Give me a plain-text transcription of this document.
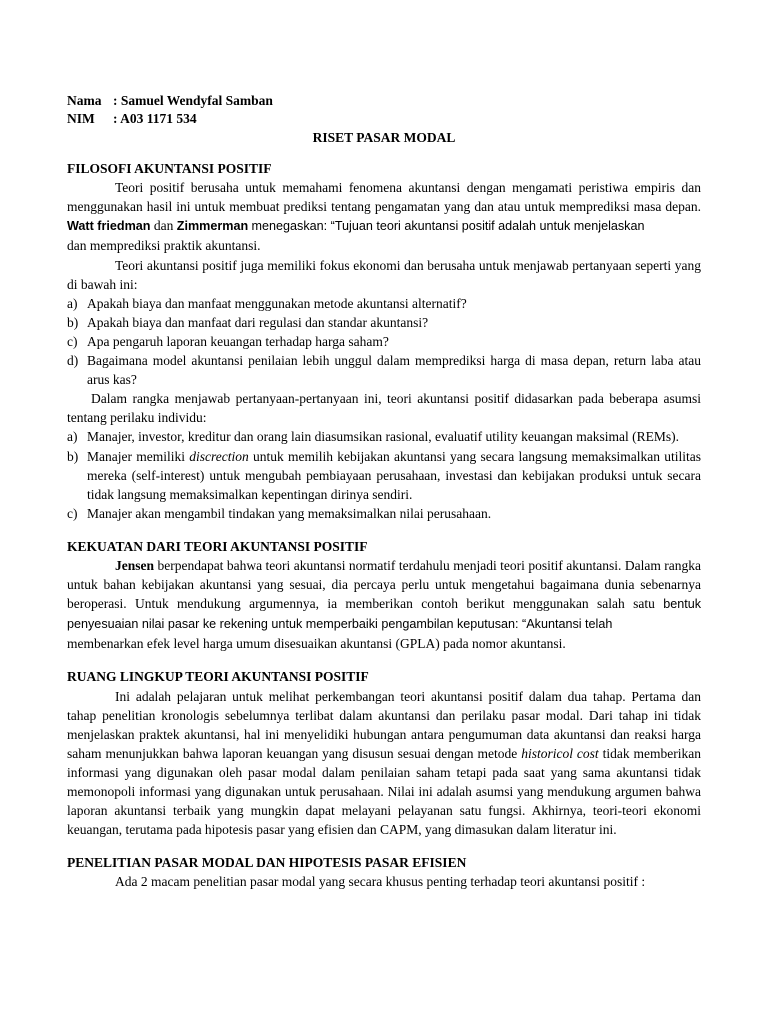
Nama : Samuel Wendyfal Samban
NIM : A03 1171 534

RISET PASAR MODAL

FILOSOFI AKUNTANSI POSITIF

Teori positif berusaha untuk memahami fenomena akuntansi dengan mengamati peristiwa empiris dan menggunakan hasil ini untuk membuat prediksi tentang pengamatan yang dan atau untuk memprediksi masa depan. Watt friedman dan Zimmerman menegaskan: “Tujuan teori akuntansi positif adalah untuk menjelaskan

dan memprediksi praktik akuntansi.

Teori akuntansi positif juga memiliki fokus ekonomi dan berusaha untuk menjawab pertanyaan seperti yang di bawah ini:

a) Apakah biaya dan manfaat menggunakan metode akuntansi alternatif?
b) Apakah biaya dan manfaat dari regulasi dan standar akuntansi?
c) Apa pengaruh laporan keuangan terhadap harga saham?
d) Bagaimana model akuntansi penilaian lebih unggul dalam memprediksi harga di masa depan, return laba atau arus kas?

Dalam rangka menjawab pertanyaan-pertanyaan ini, teori akuntansi positif didasarkan pada beberapa asumsi tentang perilaku individu:

a) Manajer, investor, kreditur dan orang lain diasumsikan rasional, evaluatif utility keuangan maksimal (REMs).
b) Manajer memiliki discrection untuk memilih kebijakan akuntansi yang secara langsung memaksimalkan utilitas mereka (self-interest) untuk mengubah pembiayaan perusahaan, investasi dan kebijakan produksi untuk secara tidak langsung memaksimalkan kepentingan dirinya sendiri.
c) Manajer akan mengambil tindakan yang memaksimalkan nilai perusahaan.

KEKUATAN DARI TEORI AKUNTANSI POSITIF

Jensen berpendapat bahwa teori akuntansi normatif terdahulu menjadi teori positif akuntansi. Dalam rangka untuk bahan kebijakan akuntansi yang sesuai, dia percaya perlu untuk mengetahui bagaimana dunia sebenarnya beroperasi. Untuk mendukung argumennya, ia memberikan contoh berikut menggunakan salah satu bentuk penyesuaian nilai pasar ke rekening untuk memperbaiki pengambilan keputusan: “Akuntansi telah

membenarkan efek level harga umum disesuaikan akuntansi (GPLA) pada nomor akuntansi.

RUANG LINGKUP TEORI AKUNTANSI POSITIF

Ini adalah pelajaran untuk melihat perkembangan teori akuntansi positif dalam dua tahap. Pertama dan tahap penelitian kronologis sebelumnya terlibat dalam akuntansi dan perilaku pasar modal. Dari tahap ini tidak menjelaskan praktek akuntansi, hal ini menyelidiki hubungan antara pengumuman data akuntansi dan reaksi harga saham menunjukkan bahwa laporan keuangan yang disusun sesuai dengan metode historicol cost tidak memberikan informasi yang digunakan oleh pasar modal dalam penilaian saham tetapi pada saat yang sama akuntansi tidak memonopoli informasi yang digunakan untuk perusahaan. Nilai ini adalah asumsi yang mendukung argumen bahwa laporan akuntansi terbaik yang mungkin dapat melayani pelayanan satu fungsi. Akhirnya, teori-teori ekonomi keuangan, terutama pada hipotesis pasar yang efisien dan CAPM, yang dimasukan dalam literatur ini.

PENELITIAN PASAR MODAL DAN HIPOTESIS PASAR EFISIEN

Ada 2 macam penelitian pasar modal yang secara khusus penting terhadap teori akuntansi positif :
